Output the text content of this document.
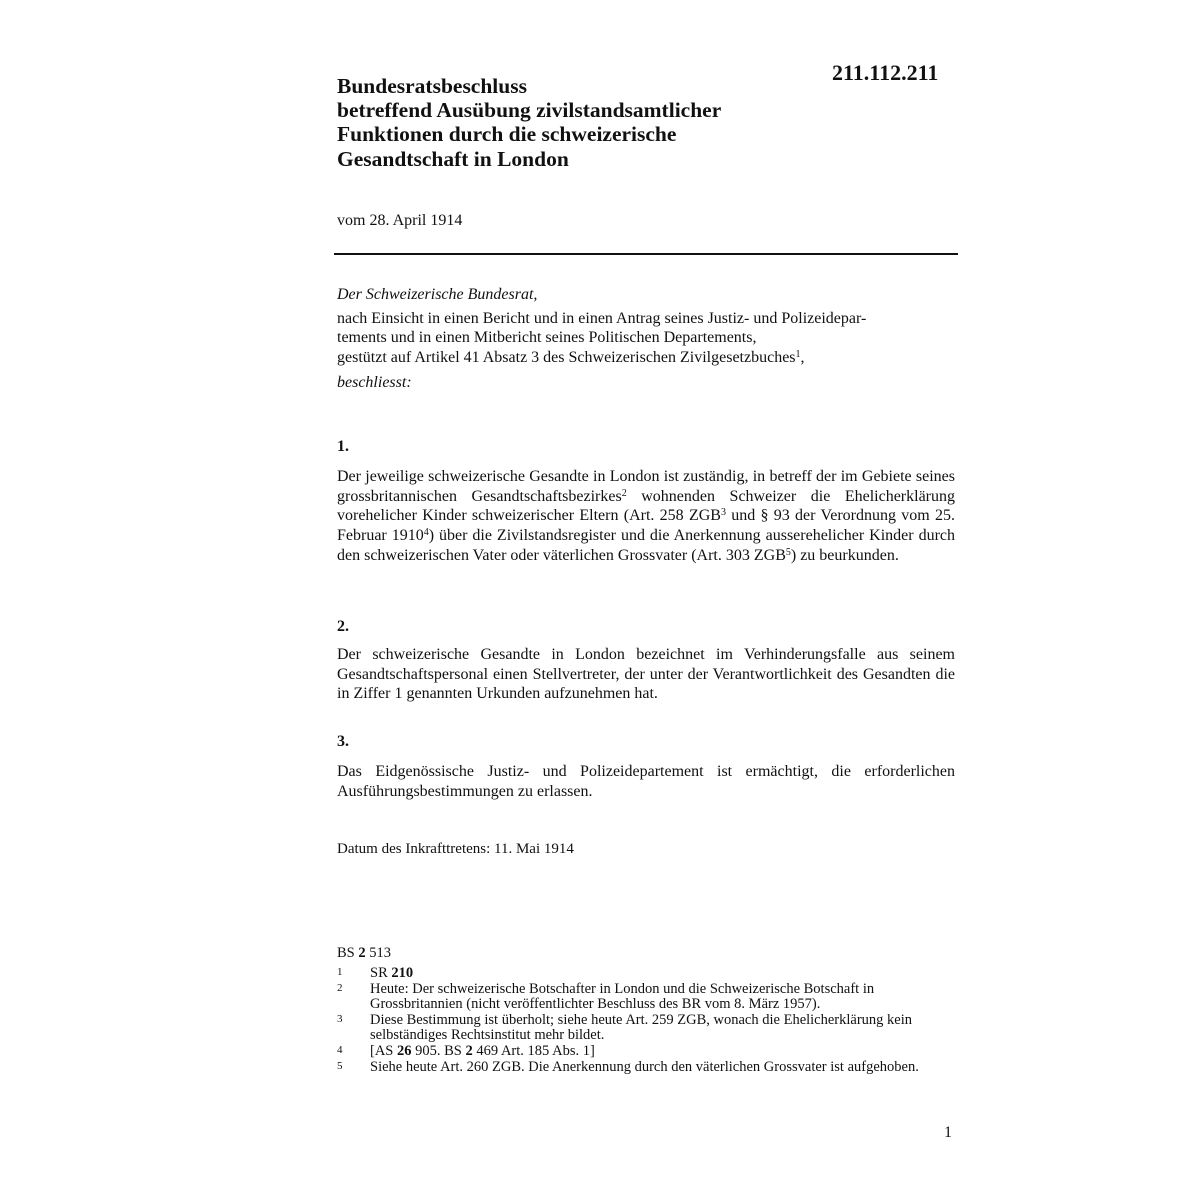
211.112.211
Bundesratsbeschluss
betreffend Ausübung zivilstandsamtlicher
Funktionen durch die schweizerische
Gesandtschaft in London
vom 28. April 1914
Der Schweizerische Bundesrat,
nach Einsicht in einen Bericht und in einen Antrag seines Justiz- und Polizeidepar-
tements und in einen Mitbericht seines Politischen Departements,
gestützt auf Artikel 41 Absatz 3 des Schweizerischen Zivilgesetzbuches$^1$,
beschliesst:
1.
Der jeweilige schweizerische Gesandte in London ist zuständig, in betreff der im Gebiete seines grossbritannischen Gesandtschaftsbezirkes$^2$ wohnenden Schweizer die Ehelicherklärung vorehelicher Kinder schweizerischer Eltern (Art. 258 ZGB$^3$ und § 93 der Verordnung vom 25. Februar 1910$^4$) über die Zivilstandsregister und die Anerkennung ausserehelicher Kinder durch den schweizerischen Vater oder väterlichen Grossvater (Art. 303 ZGB$^5$) zu beurkunden.
2.
Der schweizerische Gesandte in London bezeichnet im Verhinderungsfalle aus seinem Gesandtschaftspersonal einen Stellvertreter, der unter der Verantwortlichkeit des Gesandten die in Ziffer 1 genannten Urkunden aufzunehmen hat.
3.
Das Eidgenössische Justiz- und Polizeidepartement ist ermächtigt, die erforderlichen Ausführungsbestimmungen zu erlassen.
Datum des Inkrafttretens: 11. Mai 1914
BS 2 513
1	SR 210
2	Heute: Der schweizerische Botschafter in London und die Schweizerische Botschaft in Grossbritannien (nicht veröffentlichter Beschluss des BR vom 8. März 1957).
3	Diese Bestimmung ist überholt; siehe heute Art. 259 ZGB, wonach die Ehelicherklärung kein selbständiges Rechtsinstitut mehr bildet.
4	[AS 26 905. BS 2 469 Art. 185 Abs. 1]
5	Siehe heute Art. 260 ZGB. Die Anerkennung durch den väterlichen Grossvater ist aufgehoben.
1
